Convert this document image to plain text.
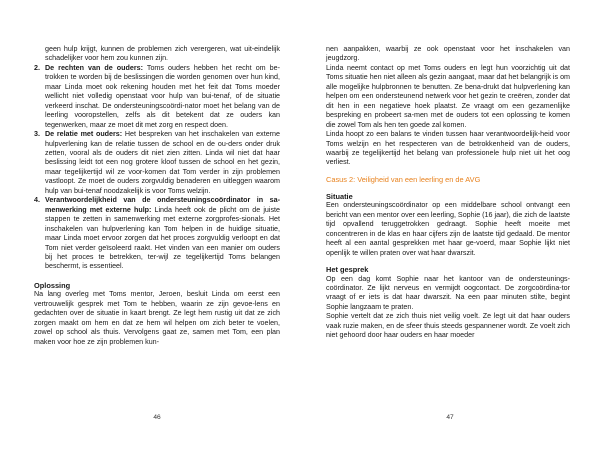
geen hulp krijgt, kunnen de problemen zich verergeren, wat uit-eindelijk schadelijker voor hem zou kunnen zijn.

2. De rechten van de ouders: Toms ouders hebben het recht om be-trokken te worden bij de beslissingen die worden genomen over hun kind, maar Linda moet ook rekening houden met het feit dat Toms moeder wellicht niet volledig openstaat voor hulp van bui-tenaf, of de situatie verkeerd inschat. De ondersteuningscoördi-nator moet het belang van de leerling vooropstellen, zelfs als dit betekent dat ze ouders kan tegenwerken, maar ze moet dit met zorg en respect doen.

3. De relatie met ouders: Het bespreken van het inschakelen van externe hulpverlening kan de relatie tussen de school en de ou-ders onder druk zetten, vooral als de ouders dit niet zien zitten. Linda wil niet dat haar beslissing leidt tot een nog grotere kloof tussen de school en het gezin, maar tegelijkertijd wil ze voor-komen dat Tom verder in zijn problemen vastloopt. Ze moet de ouders zorgvuldig benaderen en uitleggen waarom hulp van bui-tenaf noodzakelijk is voor Toms welzijn.

4. Verantwoordelijkheid van de ondersteuningscoördinator in sa-menwerking met externe hulp: Linda heeft ook de plicht om de juiste stappen te zetten in samenwerking met externe zorgprofes-sionals. Het inschakelen van hulpverlening kan Tom helpen in de huidige situatie, maar Linda moet ervoor zorgen dat het proces zorgvuldig verloopt en dat Tom niet verder geïsoleerd raakt. Het vinden van een manier om ouders bij het proces te betrekken, ter-wijl ze tegelijkertijd Toms belangen beschermt, is essentieel.

Oplossing

Na lang overleg met Toms mentor, Jeroen, besluit Linda om eerst een vertrouwelijk gesprek met Tom te hebben, waarin ze zijn gevoe-lens en gedachten over de situatie in kaart brengt. Ze legt hem rustig uit dat ze zich zorgen maakt om hem en dat ze hem wil helpen om zich beter te voelen, zowel op school als thuis. Vervolgens gaat ze, samen met Tom, een plan maken voor hoe ze zijn problemen kun-

46

nen aanpakken, waarbij ze ook openstaat voor het inschakelen van jeugdzorg.

Linda neemt contact op met Toms ouders en legt hun voorzichtig uit dat Toms situatie hen niet alleen als gezin aangaat, maar dat het belangrijk is om alle mogelijke hulpbronnen te benutten. Ze bena-drukt dat hulpverlening kan helpen om een ondersteunend netwerk voor het gezin te creëren, zonder dat dit hen in een negatieve hoek plaatst. Ze vraagt om een gezamenlijke bespreking en probeert sa-men met de ouders tot een oplossing te komen die zowel Tom als hen ten goede zal komen.

Linda hoopt zo een balans te vinden tussen haar verantwoordelijk-heid voor Toms welzijn en het respecteren van de betrokkenheid van de ouders, waarbij ze tegelijkertijd het belang van professionele hulp niet uit het oog verliest.

Casus 2: Veiligheid van een leerling en de AVG

Situatie

Een ondersteuningscoördinator op een middelbare school ontvangt een bericht van een mentor over een leerling, Sophie (16 jaar), die zich de laatste tijd opvallend teruggetrokken gedraagt. Sophie heeft moeite met concentreren in de klas en haar cijfers zijn de laatste tijd gedaald. De mentor heeft al een aantal gesprekken met haar ge-voerd, maar Sophie lijkt niet openlijk te willen praten over wat haar dwarszit.

Het gesprek

Op een dag komt Sophie naar het kantoor van de ondersteunings-coördinator. Ze lijkt nerveus en vermijdt oogcontact. De zorgcoördina-tor vraagt of er iets is dat haar dwarszit. Na een paar minuten stilte, begint Sophie langzaam te praten.

Sophie vertelt dat ze zich thuis niet veilig voelt. Ze legt uit dat haar ouders vaak ruzie maken, en de sfeer thuis steeds gespannener wordt. Ze voelt zich niet gehoord door haar ouders en haar moeder

47
